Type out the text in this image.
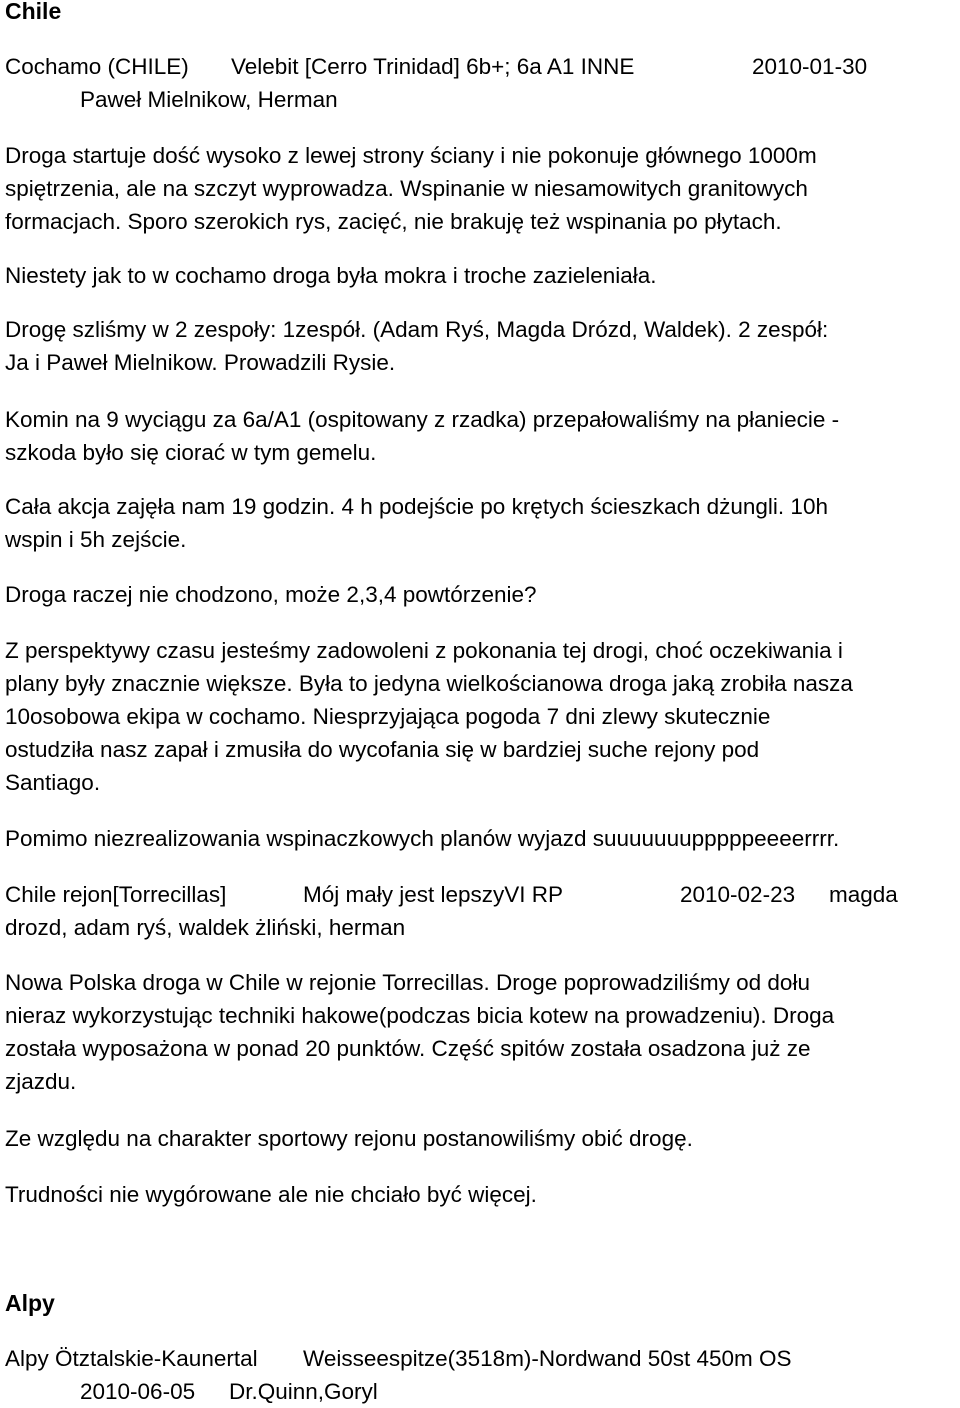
Chile
Cochamo (CHILE) Velebit [Cerro Trinidad] 6b+; 6a A1 INNE	2010-01-30
Paweł Mielnikow, Herman
Droga startuje dość wysoko z lewej strony ściany i nie pokonuje głównego 1000m
spiętrzenia, ale na szczyt wyprowadza. Wspinanie w niesamowitych granitowych
formacjach. Sporo szerokich rys, zacięć, nie brakuję też wspinania po płytach.
Niestety jak to w cochamo droga była mokra i troche zazieleniała.
Drogę szliśmy w 2 zespoły: 1zespół. (Adam Ryś, Magda Drózd, Waldek). 2 zespół:
Ja i Paweł Mielnikow. Prowadzili Rysie.
Komin na 9 wyciągu za 6a/A1 (ospitowany z rzadka) przepałowaliśmy na płaniecie -
szkoda było się ciorać w tym gemelu.
Cała akcja zajęła nam 19 godzin. 4 h podejście po krętych ścieszkach dżungli. 10h
wspin i 5h zejście.
Droga raczej nie chodzono, może 2,3,4 powtórzenie?
Z perspektywy czasu jesteśmy zadowoleni z pokonania tej drogi, choć oczekiwania i
plany były znacznie większe. Była to jedyna wielkościanowa droga jaką zrobiła nasza
10osobowa ekipa w cochamo. Niesprzyjająca pogoda 7 dni zlewy skutecznie
ostudziła nasz zapał i zmusiła do wycofania się w bardziej suche rejony pod
Santiago.
Pomimo niezrealizowania wspinaczkowych planów wyjazd suuuuuuupppppeeeerrrr.
Chile rejon[Torrecillas]	Mój mały jest lepszyVI RP	2010-02-23 magda
drozd, adam ryś, waldek żliński, herman
Nowa Polska droga w Chile w rejonie Torrecillas. Droge poprowadziliśmy od dołu
nieraz wykorzystując techniki hakowe(podczas bicia kotew na prowadzeniu). Droga
została wyposażona w ponad 20 punktów. Część spitów została osadzona już ze
zjazdu.
Ze względu na charakter sportowy rejonu postanowiliśmy obić drogę.
Trudności nie wygórowane ale nie chciało być więcej.
Alpy
Alpy Ötztalskie-Kaunertal Weisseespitze(3518m)-Nordwand 50st 450m OS
2010-06-05 Dr.Quinn,Goryl
